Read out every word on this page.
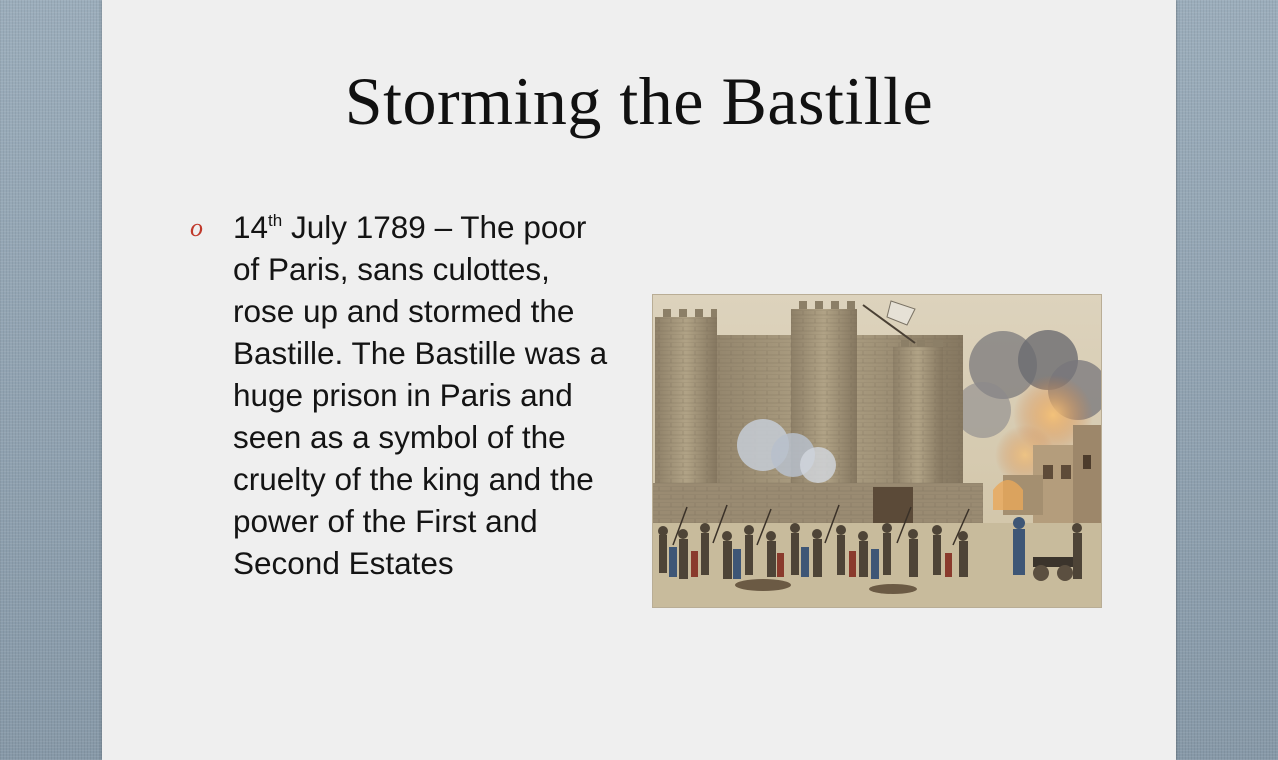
Storming the Bastille
o 14th July 1789 – The poor of Paris, sans culottes, rose up and stormed the Bastille. The Bastille was a huge prison in Paris and seen as a symbol of the cruelty of the king and the power of the First and Second Estates
